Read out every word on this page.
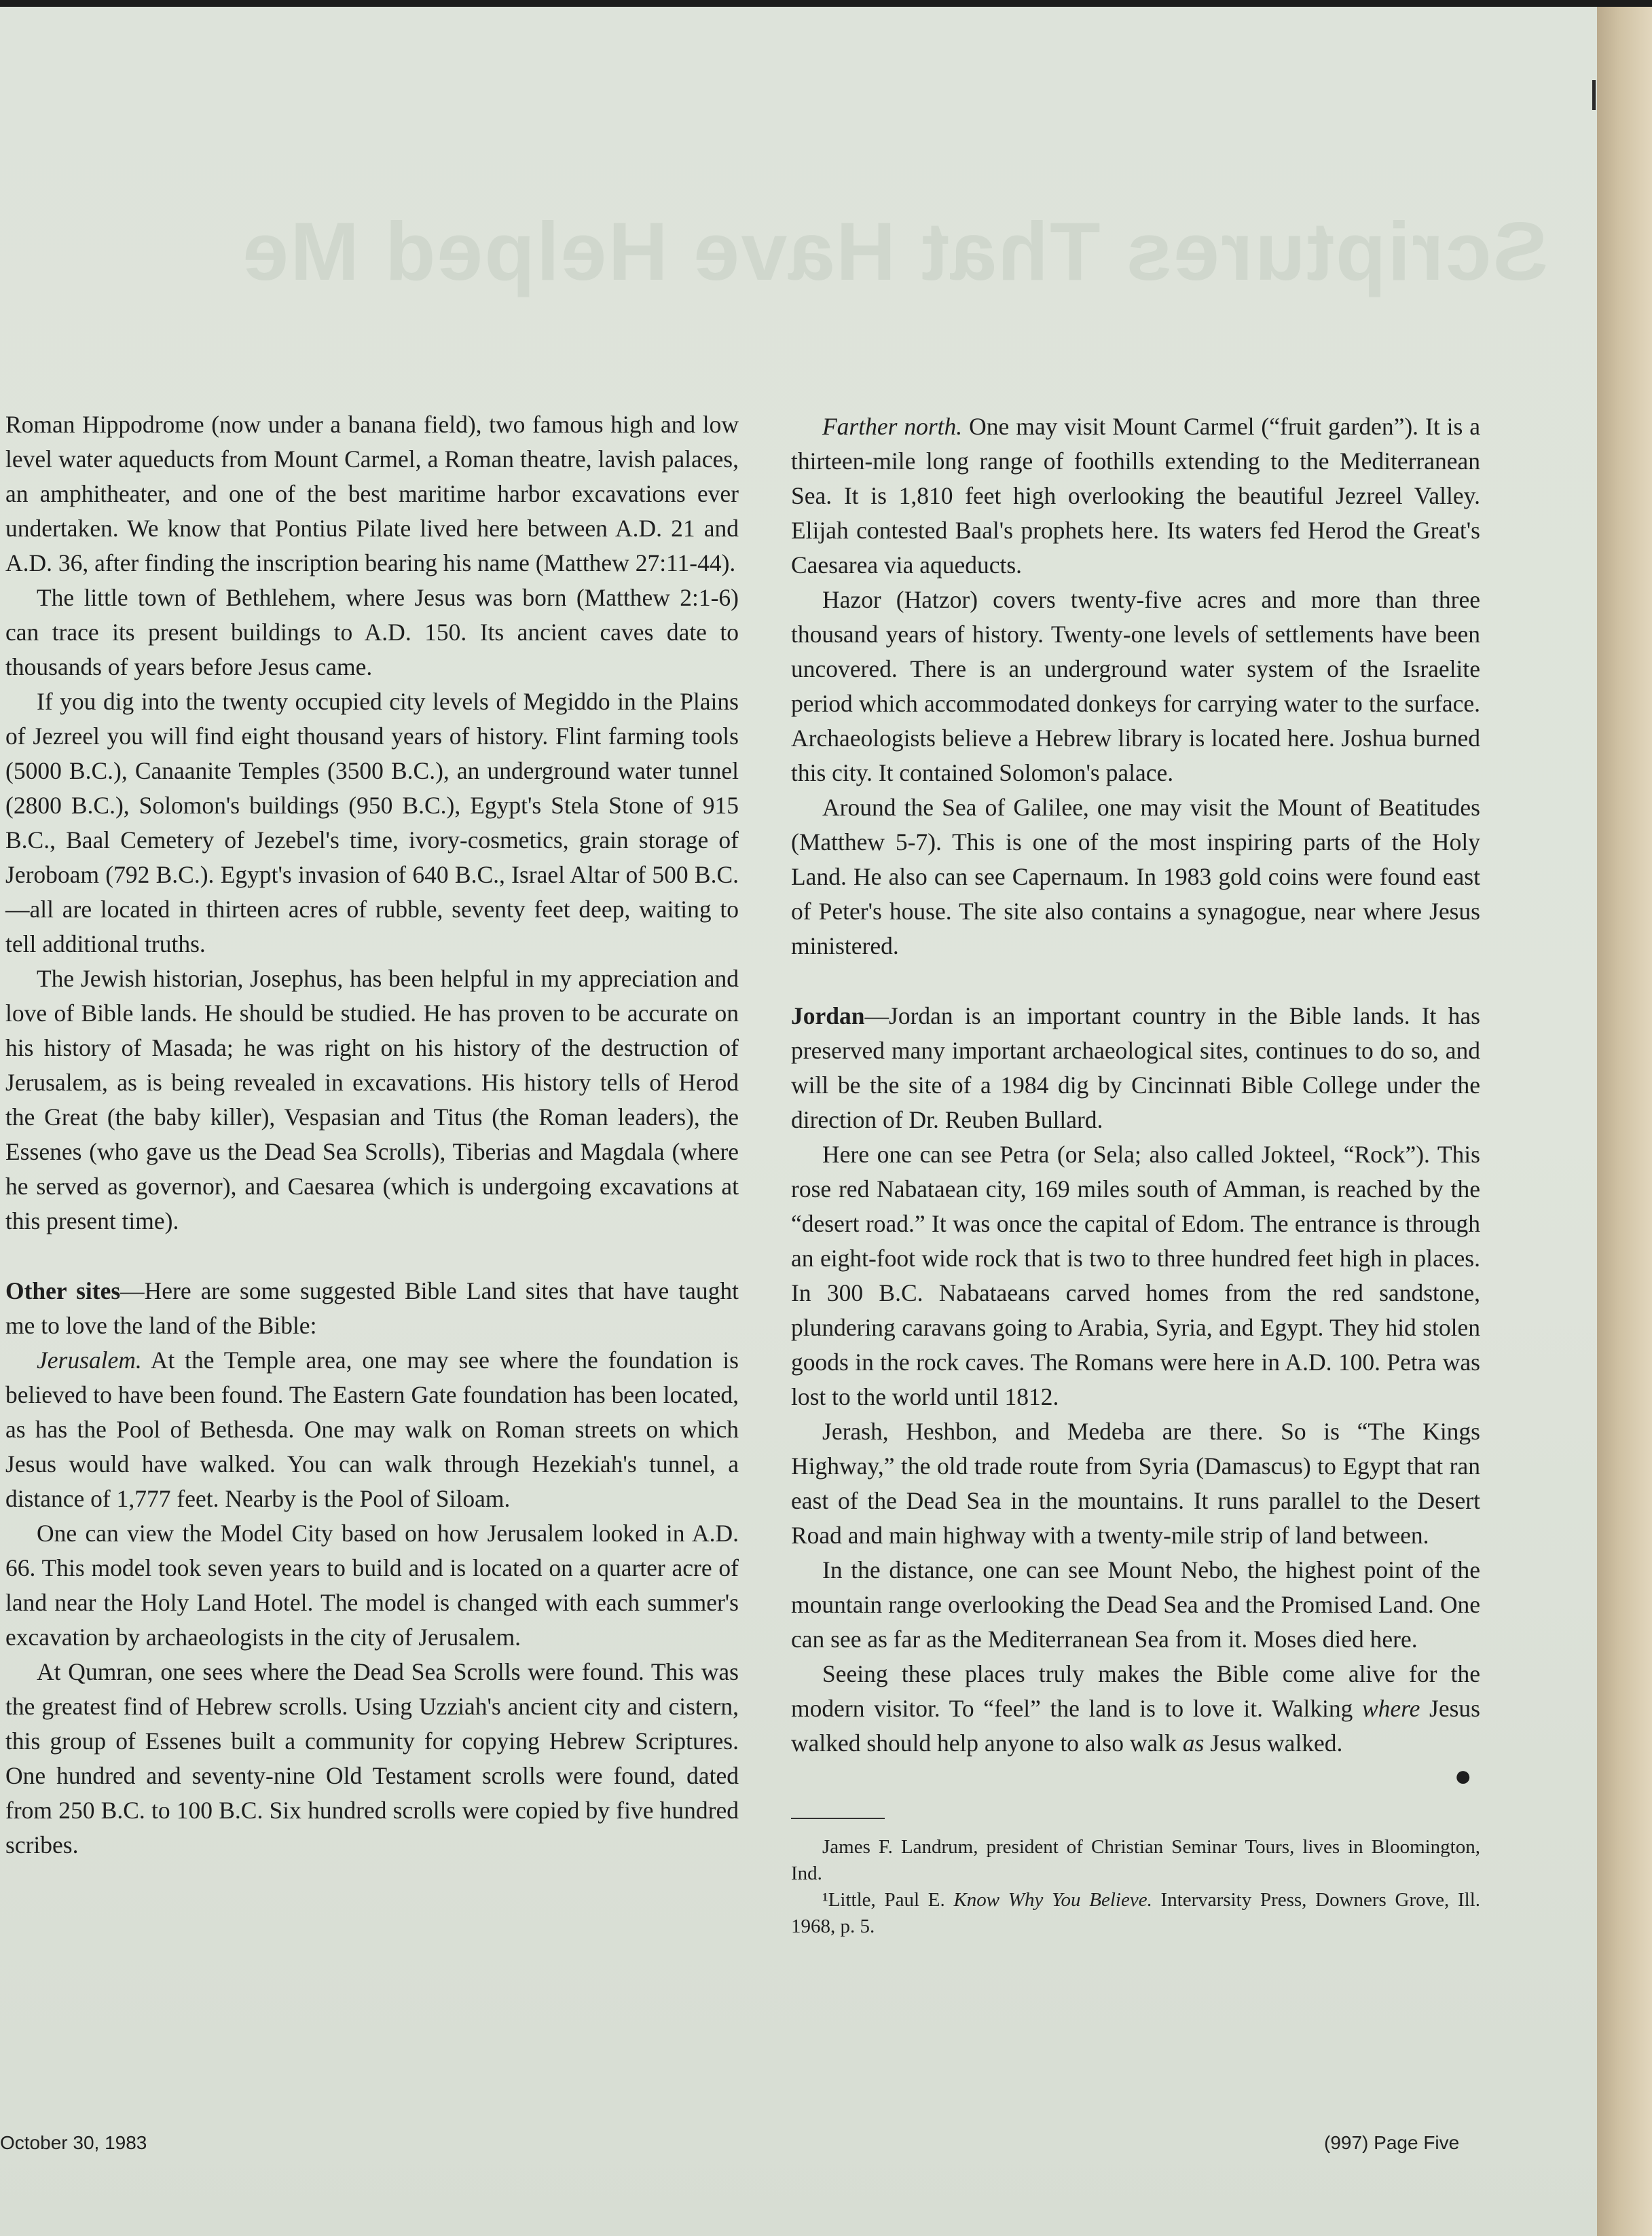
Scriptures That Have Helped Me

Roman Hippodrome (now under a banana field), two famous high and low level water aqueducts from Mount Carmel, a Roman theatre, lavish palaces, an amphitheater, and one of the best maritime harbor excavations ever undertaken. We know that Pontius Pilate lived here between A.D. 21 and A.D. 36, after finding the inscription bearing his name (Matthew 27:11-44).

The little town of Bethlehem, where Jesus was born (Matthew 2:1-6) can trace its present buildings to A.D. 150. Its ancient caves date to thousands of years before Jesus came.

If you dig into the twenty occupied city levels of Megiddo in the Plains of Jezreel you will find eight thousand years of history. Flint farming tools (5000 B.C.), Canaanite Temples (3500 B.C.), an underground water tunnel (2800 B.C.), Solomon's buildings (950 B.C.), Egypt's Stela Stone of 915 B.C., Baal Cemetery of Jezebel's time, ivory-cosmetics, grain storage of Jeroboam (792 B.C.). Egypt's invasion of 640 B.C., Israel Altar of 500 B.C.—all are located in thirteen acres of rubble, seventy feet deep, waiting to tell additional truths.

The Jewish historian, Josephus, has been helpful in my appreciation and love of Bible lands. He should be studied. He has proven to be accurate on his history of Masada; he was right on his history of the destruction of Jerusalem, as is being revealed in excavations. His history tells of Herod the Great (the baby killer), Vespasian and Titus (the Roman leaders), the Essenes (who gave us the Dead Sea Scrolls), Tiberias and Magdala (where he served as governor), and Caesarea (which is undergoing excavations at this present time).

Other sites—Here are some suggested Bible Land sites that have taught me to love the land of the Bible:

Jerusalem. At the Temple area, one may see where the foundation is believed to have been found. The Eastern Gate foundation has been located, as has the Pool of Bethesda. One may walk on Roman streets on which Jesus would have walked. You can walk through Hezekiah's tunnel, a distance of 1,777 feet. Nearby is the Pool of Siloam.

One can view the Model City based on how Jerusalem looked in A.D. 66. This model took seven years to build and is located on a quarter acre of land near the Holy Land Hotel. The model is changed with each summer's excavation by archaeologists in the city of Jerusalem.

At Qumran, one sees where the Dead Sea Scrolls were found. This was the greatest find of Hebrew scrolls. Using Uzziah's ancient city and cistern, this group of Essenes built a community for copying Hebrew Scriptures. One hundred and seventy-nine Old Testament scrolls were found, dated from 250 B.C. to 100 B.C. Six hundred scrolls were copied by five hundred scribes.

Farther north. One may visit Mount Carmel (“fruit garden”). It is a thirteen-mile long range of foothills extending to the Mediterranean Sea. It is 1,810 feet high overlooking the beautiful Jezreel Valley. Elijah contested Baal's prophets here. Its waters fed Herod the Great's Caesarea via aqueducts.

Hazor (Hatzor) covers twenty-five acres and more than three thousand years of history. Twenty-one levels of settlements have been uncovered. There is an underground water system of the Israelite period which accommodated donkeys for carrying water to the surface. Archaeologists believe a Hebrew library is located here. Joshua burned this city. It contained Solomon's palace.

Around the Sea of Galilee, one may visit the Mount of Beatitudes (Matthew 5-7). This is one of the most inspiring parts of the Holy Land. He also can see Capernaum. In 1983 gold coins were found east of Peter's house. The site also contains a synagogue, near where Jesus ministered.

Jordan—Jordan is an important country in the Bible lands. It has preserved many important archaeological sites, continues to do so, and will be the site of a 1984 dig by Cincinnati Bible College under the direction of Dr. Reuben Bullard.

Here one can see Petra (or Sela; also called Jokteel, “Rock”). This rose red Nabataean city, 169 miles south of Amman, is reached by the “desert road.” It was once the capital of Edom. The entrance is through an eight-foot wide rock that is two to three hundred feet high in places. In 300 B.C. Nabataeans carved homes from the red sandstone, plundering caravans going to Arabia, Syria, and Egypt. They hid stolen goods in the rock caves. The Romans were here in A.D. 100. Petra was lost to the world until 1812.

Jerash, Heshbon, and Medeba are there. So is “The Kings Highway,” the old trade route from Syria (Damascus) to Egypt that ran east of the Dead Sea in the mountains. It runs parallel to the Desert Road and main highway with a twenty-mile strip of land between.

In the distance, one can see Mount Nebo, the highest point of the mountain range overlooking the Dead Sea and the Promised Land. One can see as far as the Mediterranean Sea from it. Moses died here.

Seeing these places truly makes the Bible come alive for the modern visitor. To “feel” the land is to love it. Walking where Jesus walked should help anyone to also walk as Jesus walked.

●

James F. Landrum, president of Christian Seminar Tours, lives in Bloomington, Ind.

¹Little, Paul E. Know Why You Believe. Intervarsity Press, Downers Grove, Ill. 1968, p. 5.

October 30, 1983	(997) Page Five
